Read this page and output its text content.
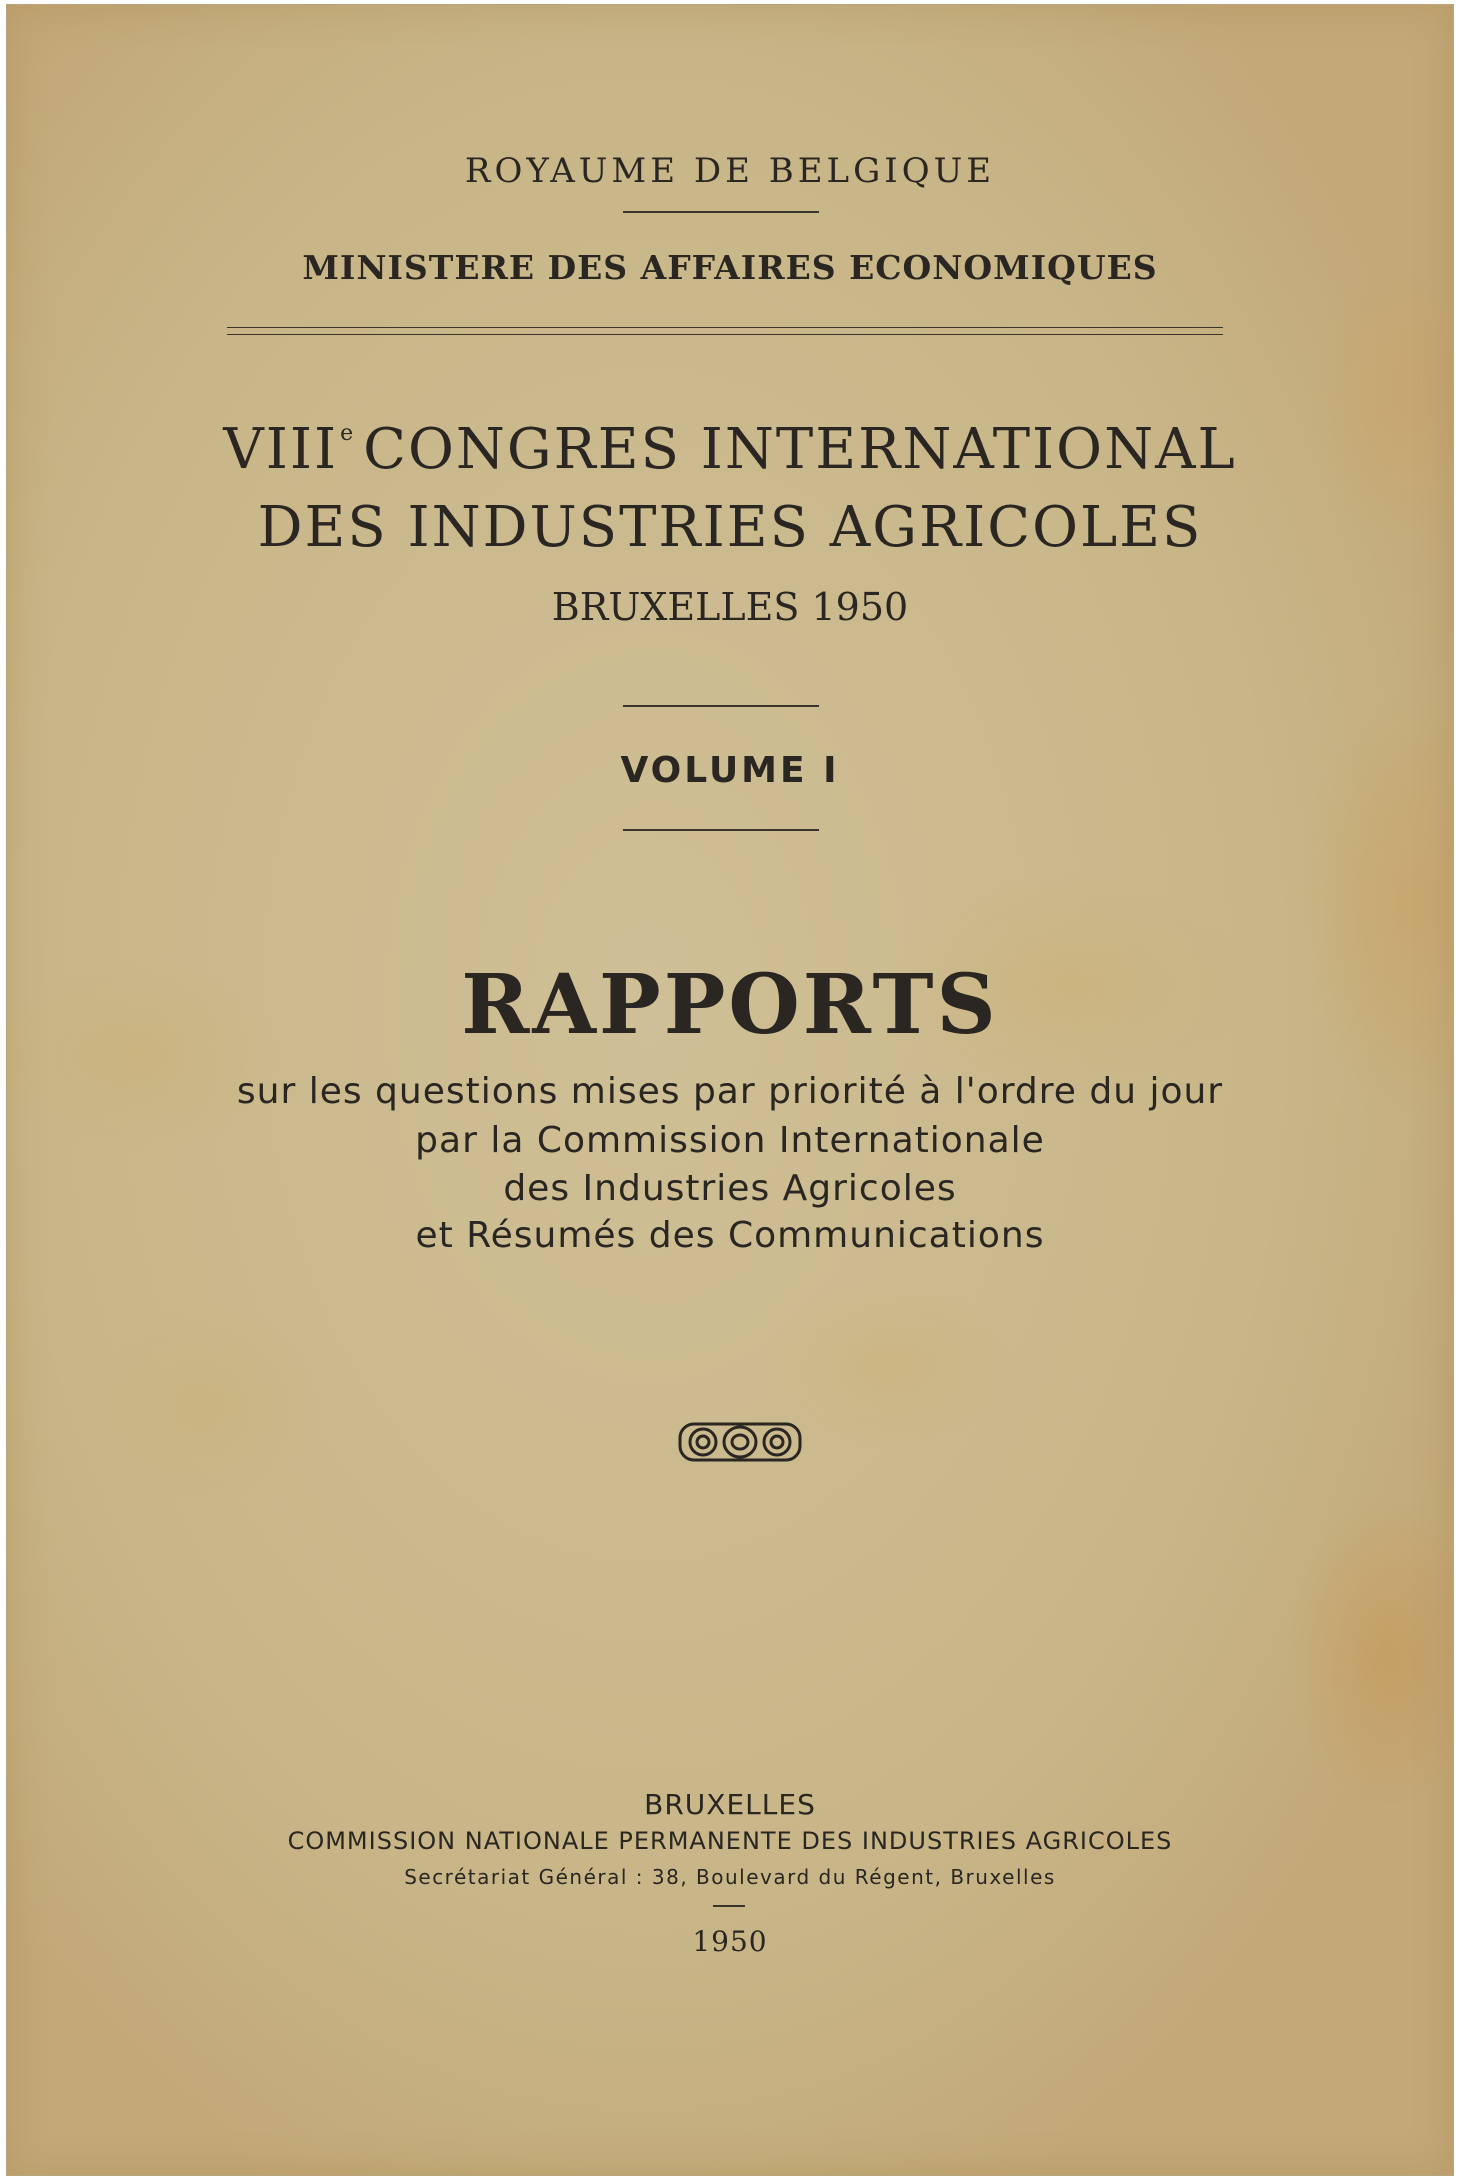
ROYAUME DE BELGIQUE
MINISTERE DES AFFAIRES ECONOMIQUES
VIIIe CONGRES INTERNATIONAL
DES INDUSTRIES AGRICOLES
BRUXELLES 1950
VOLUME I
RAPPORTS
sur les questions mises par priorité à l'ordre du jour
par la Commission Internationale
des Industries Agricoles
et Résumés des Communications
BRUXELLES
COMMISSION NATIONALE PERMANENTE DES INDUSTRIES AGRICOLES
Secrétariat Général : 38, Boulevard du Régent, Bruxelles
1950
